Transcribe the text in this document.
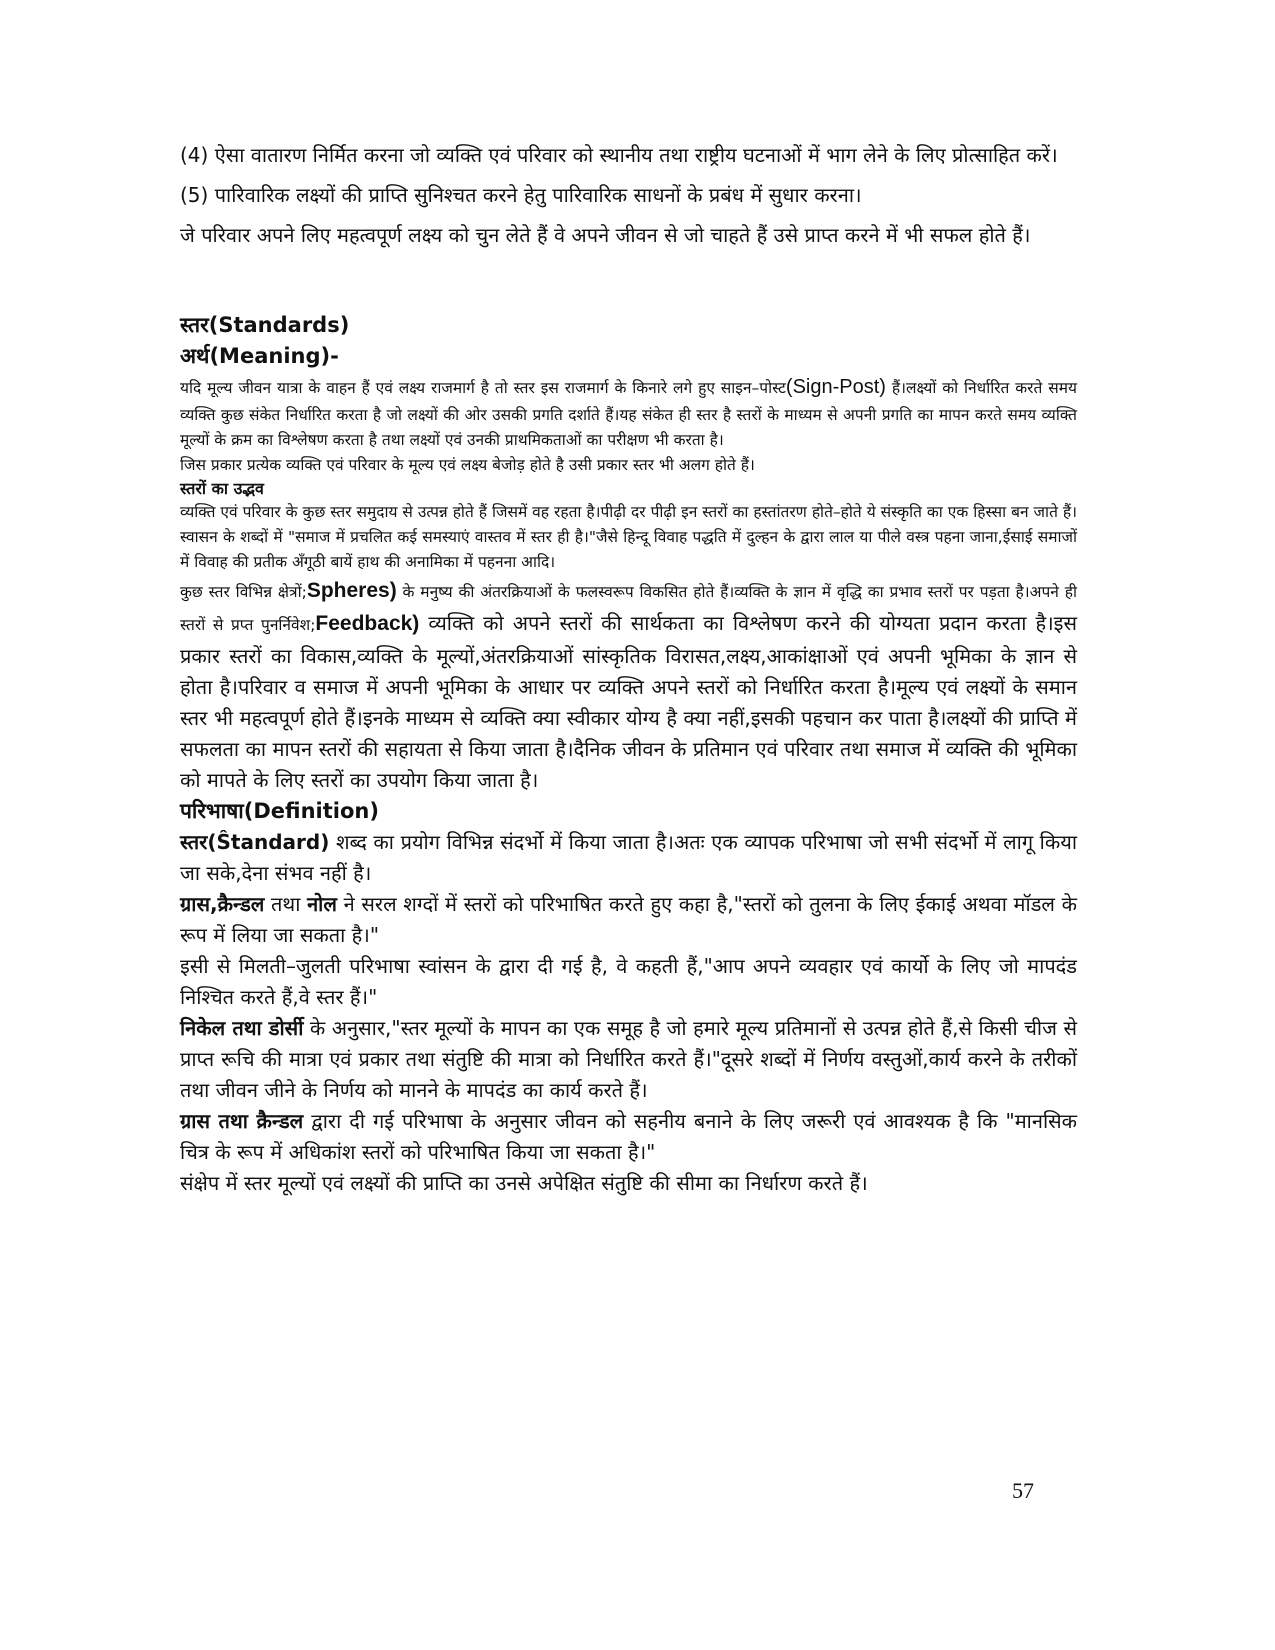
(4) ऐसा वातारण निर्मित करना जो व्यक्ति एवं परिवार को स्थानीय तथा राष्ट्रीय घटनाओं में भाग लेने के लिए प्रोत्साहित करें।

(5) पारिवारिक लक्ष्यों की प्राप्ति सुनिश्चत करने हेतु पारिवारिक साधनों के प्रबंध में सुधार करना।

जे परिवार अपने लिए महत्वपूर्ण लक्ष्य को चुन लेते हैं वे अपने जीवन से जो चाहते हैं उसे प्राप्त करने में भी सफल होते हैं।

स्तर(Standards)
अर्थ(Meaning)-

यदि मूल्य जीवन यात्रा के वाहन हैं एवं लक्ष्य राजमार्ग है तो स्तर इस राजमार्ग के किनारे लगे हुए साइन–पोस्ट(Sign-Post) हैं।लक्ष्यों को निर्धारित करते समय व्यक्ति कुछ संकेत निर्धारित करता है जो लक्ष्यों की ओर उसकी प्रगति दर्शाते हैं।यह संकेत ही स्तर है स्तरों के माध्यम से अपनी प्रगति का मापन करते समय व्यक्ति मूल्यों के क्रम का विश्लेषण करता है तथा लक्ष्यों एवं उनकी प्राथमिकताओं का परीक्षण भी करता है।

जिस प्रकार प्रत्येक व्यक्ति एवं परिवार के मूल्य एवं लक्ष्य बेजोड़ होते है उसी प्रकार स्तर भी अलग होते हैं।

स्तरों का उद्भव

व्यक्ति एवं परिवार के कुछ स्तर समुदाय से उत्पन्न होते हैं जिसमें वह रहता है।पीढ़ी दर पीढ़ी इन स्तरों का हस्तांतरण होते–होते ये संस्कृति का एक हिस्सा बन जाते हैं।स्वासन के शब्दों में "समाज में प्रचलित कई समस्याएं वास्तव में स्तर ही है।"जैसे हिन्दू विवाह पद्धति में दुल्हन के द्वारा लाल या पीले वस्त्र पहना जाना,ईसाई समाजों में विवाह की प्रतीक अँगूठी बायें हाथ की अनामिका में पहनना आदि।

कुछ स्तर विभिन्न क्षेत्रों;Spheres) के मनुष्य की अंतरक्रियाओं के फलस्वरूप विकसित होते हैं।व्यक्ति के ज्ञान में वृद्धि का प्रभाव स्तरों पर पड़ता है।अपने ही स्तरों से प्रप्त पुनर्निवेश;Feedback) व्यक्ति को अपने स्तरों की सार्थकता का विश्लेषण करने की योग्यता प्रदान करता है।इस प्रकार स्तरों का विकास,व्यक्ति के मूल्यों,अंतरक्रियाओं सांस्कृतिक विरासत,लक्ष्य,आकांक्षाओं एवं अपनी भूमिका के ज्ञान से होता है।परिवार व समाज में अपनी भूमिका के आधार पर व्यक्ति अपने स्तरों को निर्धारित करता है।मूल्य एवं लक्ष्यों के समान स्तर भी महत्वपूर्ण होते हैं।इनके माध्यम से व्यक्ति क्या स्वीकार योग्य है क्या नहीं,इसकी पहचान कर पाता है।लक्ष्यों की प्राप्ति में सफलता का मापन स्तरों की सहायता से किया जाता है।दैनिक जीवन के प्रतिमान एवं परिवार तथा समाज में व्यक्ति की भूमिका को मापते के लिए स्तरों का उपयोग किया जाता है।

परिभाषा(Definition)

स्तर(Ŝtandard) शब्द का प्रयोग विभिन्न संदर्भो में किया जाता है।अतः एक व्यापक परिभाषा जो सभी संदर्भो में लागू किया जा सके,देना संभव नहीं है।

ग्रास,क्रैन्डल तथा नोल ने सरल शग्दों में स्तरों को परिभाषित करते हुए कहा है,"स्तरों को तुलना के लिए ईकाई अथवा मॉडल के रूप में लिया जा सकता है।"

इसी से मिलती–जुलती परिभाषा स्वांसन के द्वारा दी गई है, वे कहती हैं,"आप अपने व्यवहार एवं कार्यो के लिए जो मापदंड निश्चित करते हैं,वे स्तर हैं।"

निकेल तथा डोर्सी के अनुसार,"स्तर मूल्यों के मापन का एक समूह है जो हमारे मूल्य प्रतिमानों से उत्पन्न होते हैं,से किसी चीज से प्राप्त रूचि की मात्रा एवं प्रकार तथा संतुष्टि की मात्रा को निर्धारित करते हैं।"दूसरे शब्दों में निर्णय वस्तुओं,कार्य करने के तरीकों तथा जीवन जीने के निर्णय को मानने के मापदंड का कार्य करते हैं।

ग्रास तथा क्रैन्डल द्वारा दी गई परिभाषा के अनुसार जीवन को सहनीय बनाने के लिए जरूरी एवं आवश्यक है कि "मानसिक चित्र के रूप में अधिकांश स्तरों को परिभाषित किया जा सकता है।"

संक्षेप में स्तर मूल्यों एवं लक्ष्यों की प्राप्ति का उनसे अपेक्षित संतुष्टि की सीमा का निर्धारण करते हैं।

57
